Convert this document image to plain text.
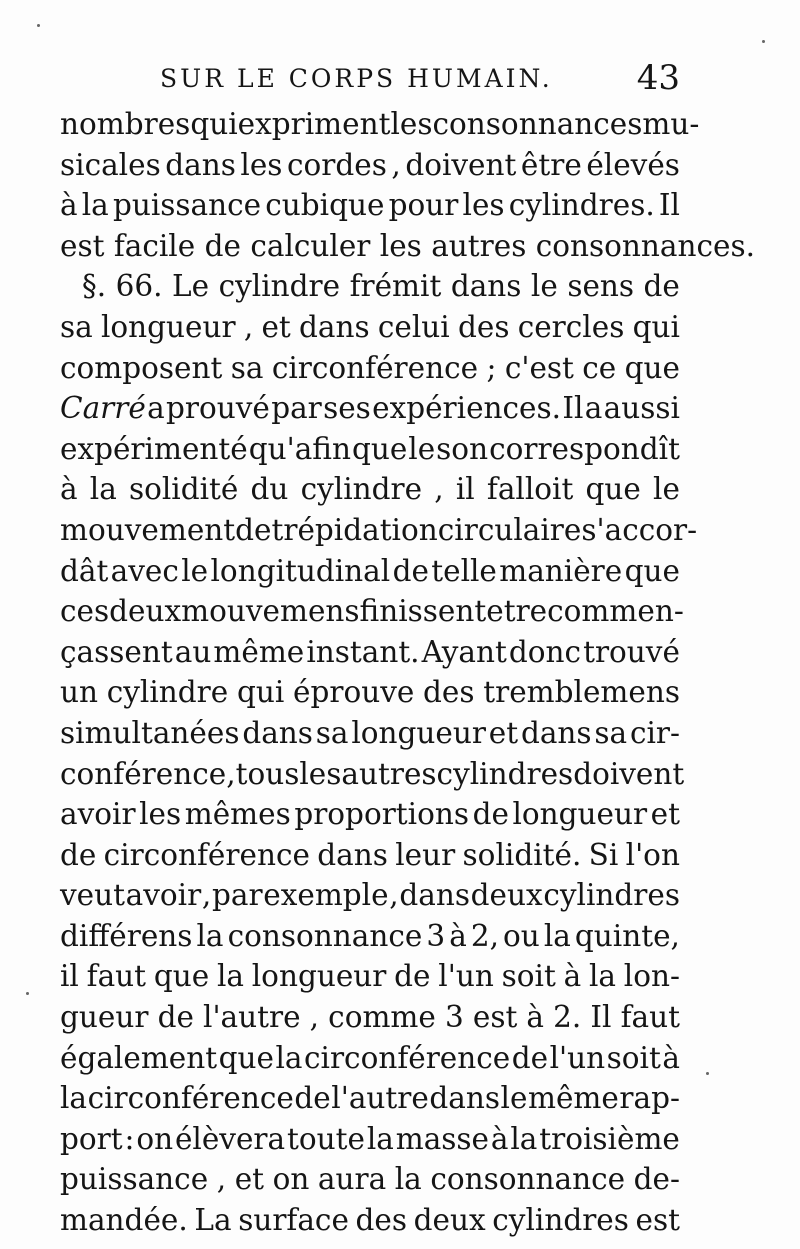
SUR LE CORPS HUMAIN. 43
nombres qui expriment les consonnances mu-
sicales dans les cordes , doivent être élevés
à la puissance cubique pour les cylindres. Il
est
facile
de
calculer
les
autres
consonnances.
§. 66. Le cylindre frémit dans le sens de
sa longueur , et dans celui des cercles qui
composent sa circonférence ; c'est ce que
Carré a prouvé par ses expériences. Il a aussi
expérimenté qu'afin que le son correspondît
à la solidité du cylindre , il falloit que le
mouvement de trépidation circulaire s'accor-
dât avec le longitudinal de telle manière que
ces deux mouvemens finissent et recommen-
çassent au même instant. Ayant donc trouvé
un cylindre qui éprouve des tremblemens
simultanées dans sa longueur et dans sa cir-
conférence , tous les autres cylindres doivent
avoir les mêmes proportions de longueur et
de circonférence dans leur solidité. Si l'on
veut avoir , par exemple , dans deux cylindres
différens la consonnance 3 à 2, ou la quinte,
il faut que la longueur de l'un soit à la lon-
gueur de l'autre , comme 3 est à 2. Il faut
également que la circonférence de l'un soit à
la circonférence de l'autre dans le même rap-
port : on élèvera toute la masse à la troisième
puissance , et on aura la consonnance de-
mandée. La surface des deux cylindres est
